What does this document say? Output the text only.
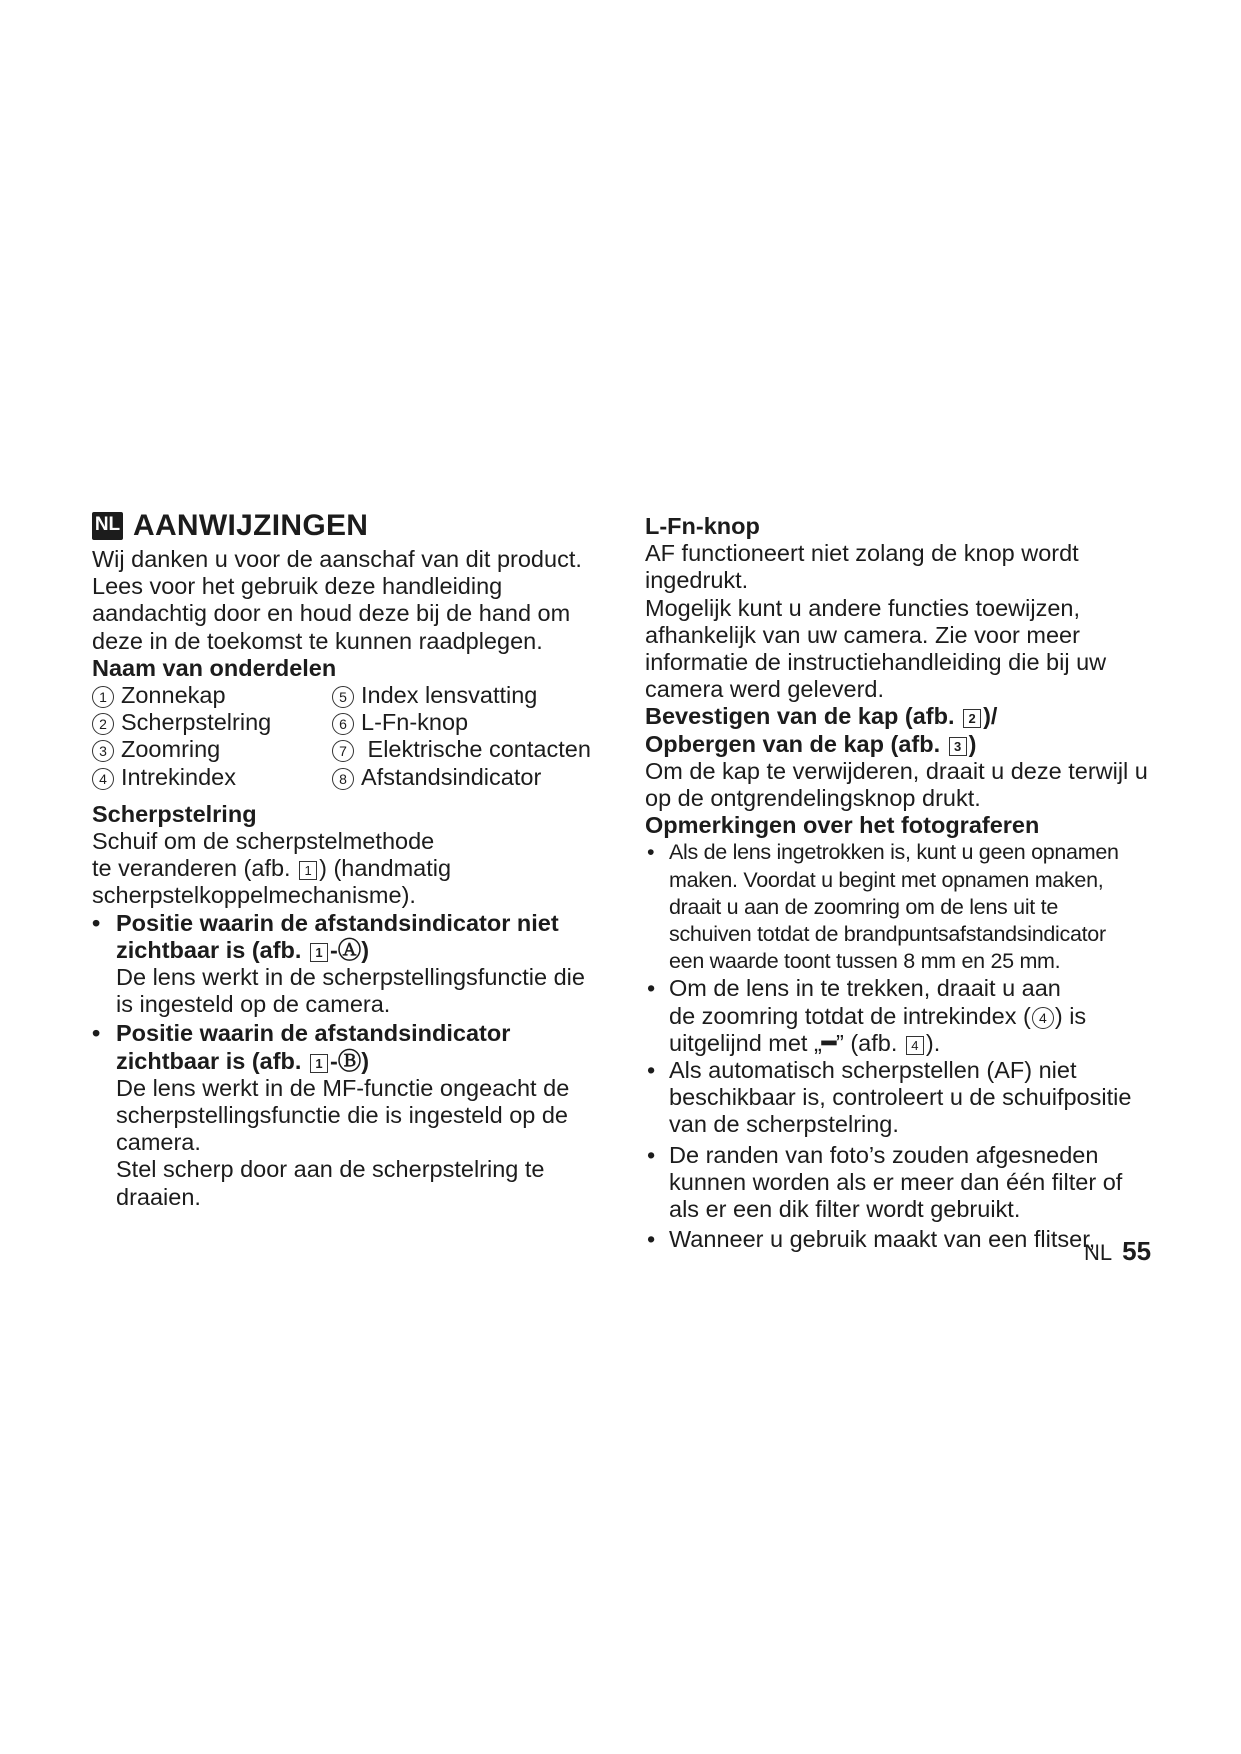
NL AANWIJZINGEN

Wij danken u voor de aanschaf van dit product.

Lees voor het gebruik deze handleiding

aandachtig door en houd deze bij de hand om

deze in de toekomst te kunnen raadplegen.

Naam van onderdelen

1 Zonnekap	5 Index lensvatting
2 Scherpstelring	6 L-Fn-knop
3 Zoomring	7 Elektrische contacten
4 Intrekindex	8 Afstandsindicator

Scherpstelring

Schuif om de scherpstelmethode

te veranderen (afb. 1 ) (handmatig

scherpstelkoppelmechanisme).

• Positie waarin de afstandsindicator niet

zichtbaar is (afb. 1 -Ⓐ)

De lens werkt in de scherpstellingsfunctie die

is ingesteld op de camera.

• Positie waarin de afstandsindicator

zichtbaar is (afb. 1 -Ⓑ)

De lens werkt in de MF-functie ongeacht de

scherpstellingsfunctie die is ingesteld op de

camera.

Stel scherp door aan de scherpstelring te

draaien.

L-Fn-knop

AF functioneert niet zolang de knop wordt

ingedrukt.

Mogelijk kunt u andere functies toewijzen,

afhankelijk van uw camera. Zie voor meer

informatie de instructiehandleiding die bij uw

camera werd geleverd.

Bevestigen van de kap (afb. 2 )/

Opbergen van de kap (afb. 3 )

Om de kap te verwijderen, draait u deze terwijl u

op de ontgrendelingsknop drukt.

Opmerkingen over het fotograferen

• Als de lens ingetrokken is, kunt u geen opnamen

maken. Voordat u begint met opnamen maken,

draait u aan de zoomring om de lens uit te

schuiven totdat de brandpuntsafstandsindicator

een waarde toont tussen 8 mm en 25 mm.

• Om de lens in te trekken, draait u aan

de zoomring totdat de intrekindex ( 4 ) is

uitgelijnd met „━” (afb. 4 ).

• Als automatisch scherpstellen (AF) niet

beschikbaar is, controleert u de schuifpositie

van de scherpstelring.

• De randen van foto’s zouden afgesneden

kunnen worden als er meer dan één filter of

als er een dik filter wordt gebruikt.

• Wanneer u gebruik maakt van een flitser,

NL 55
